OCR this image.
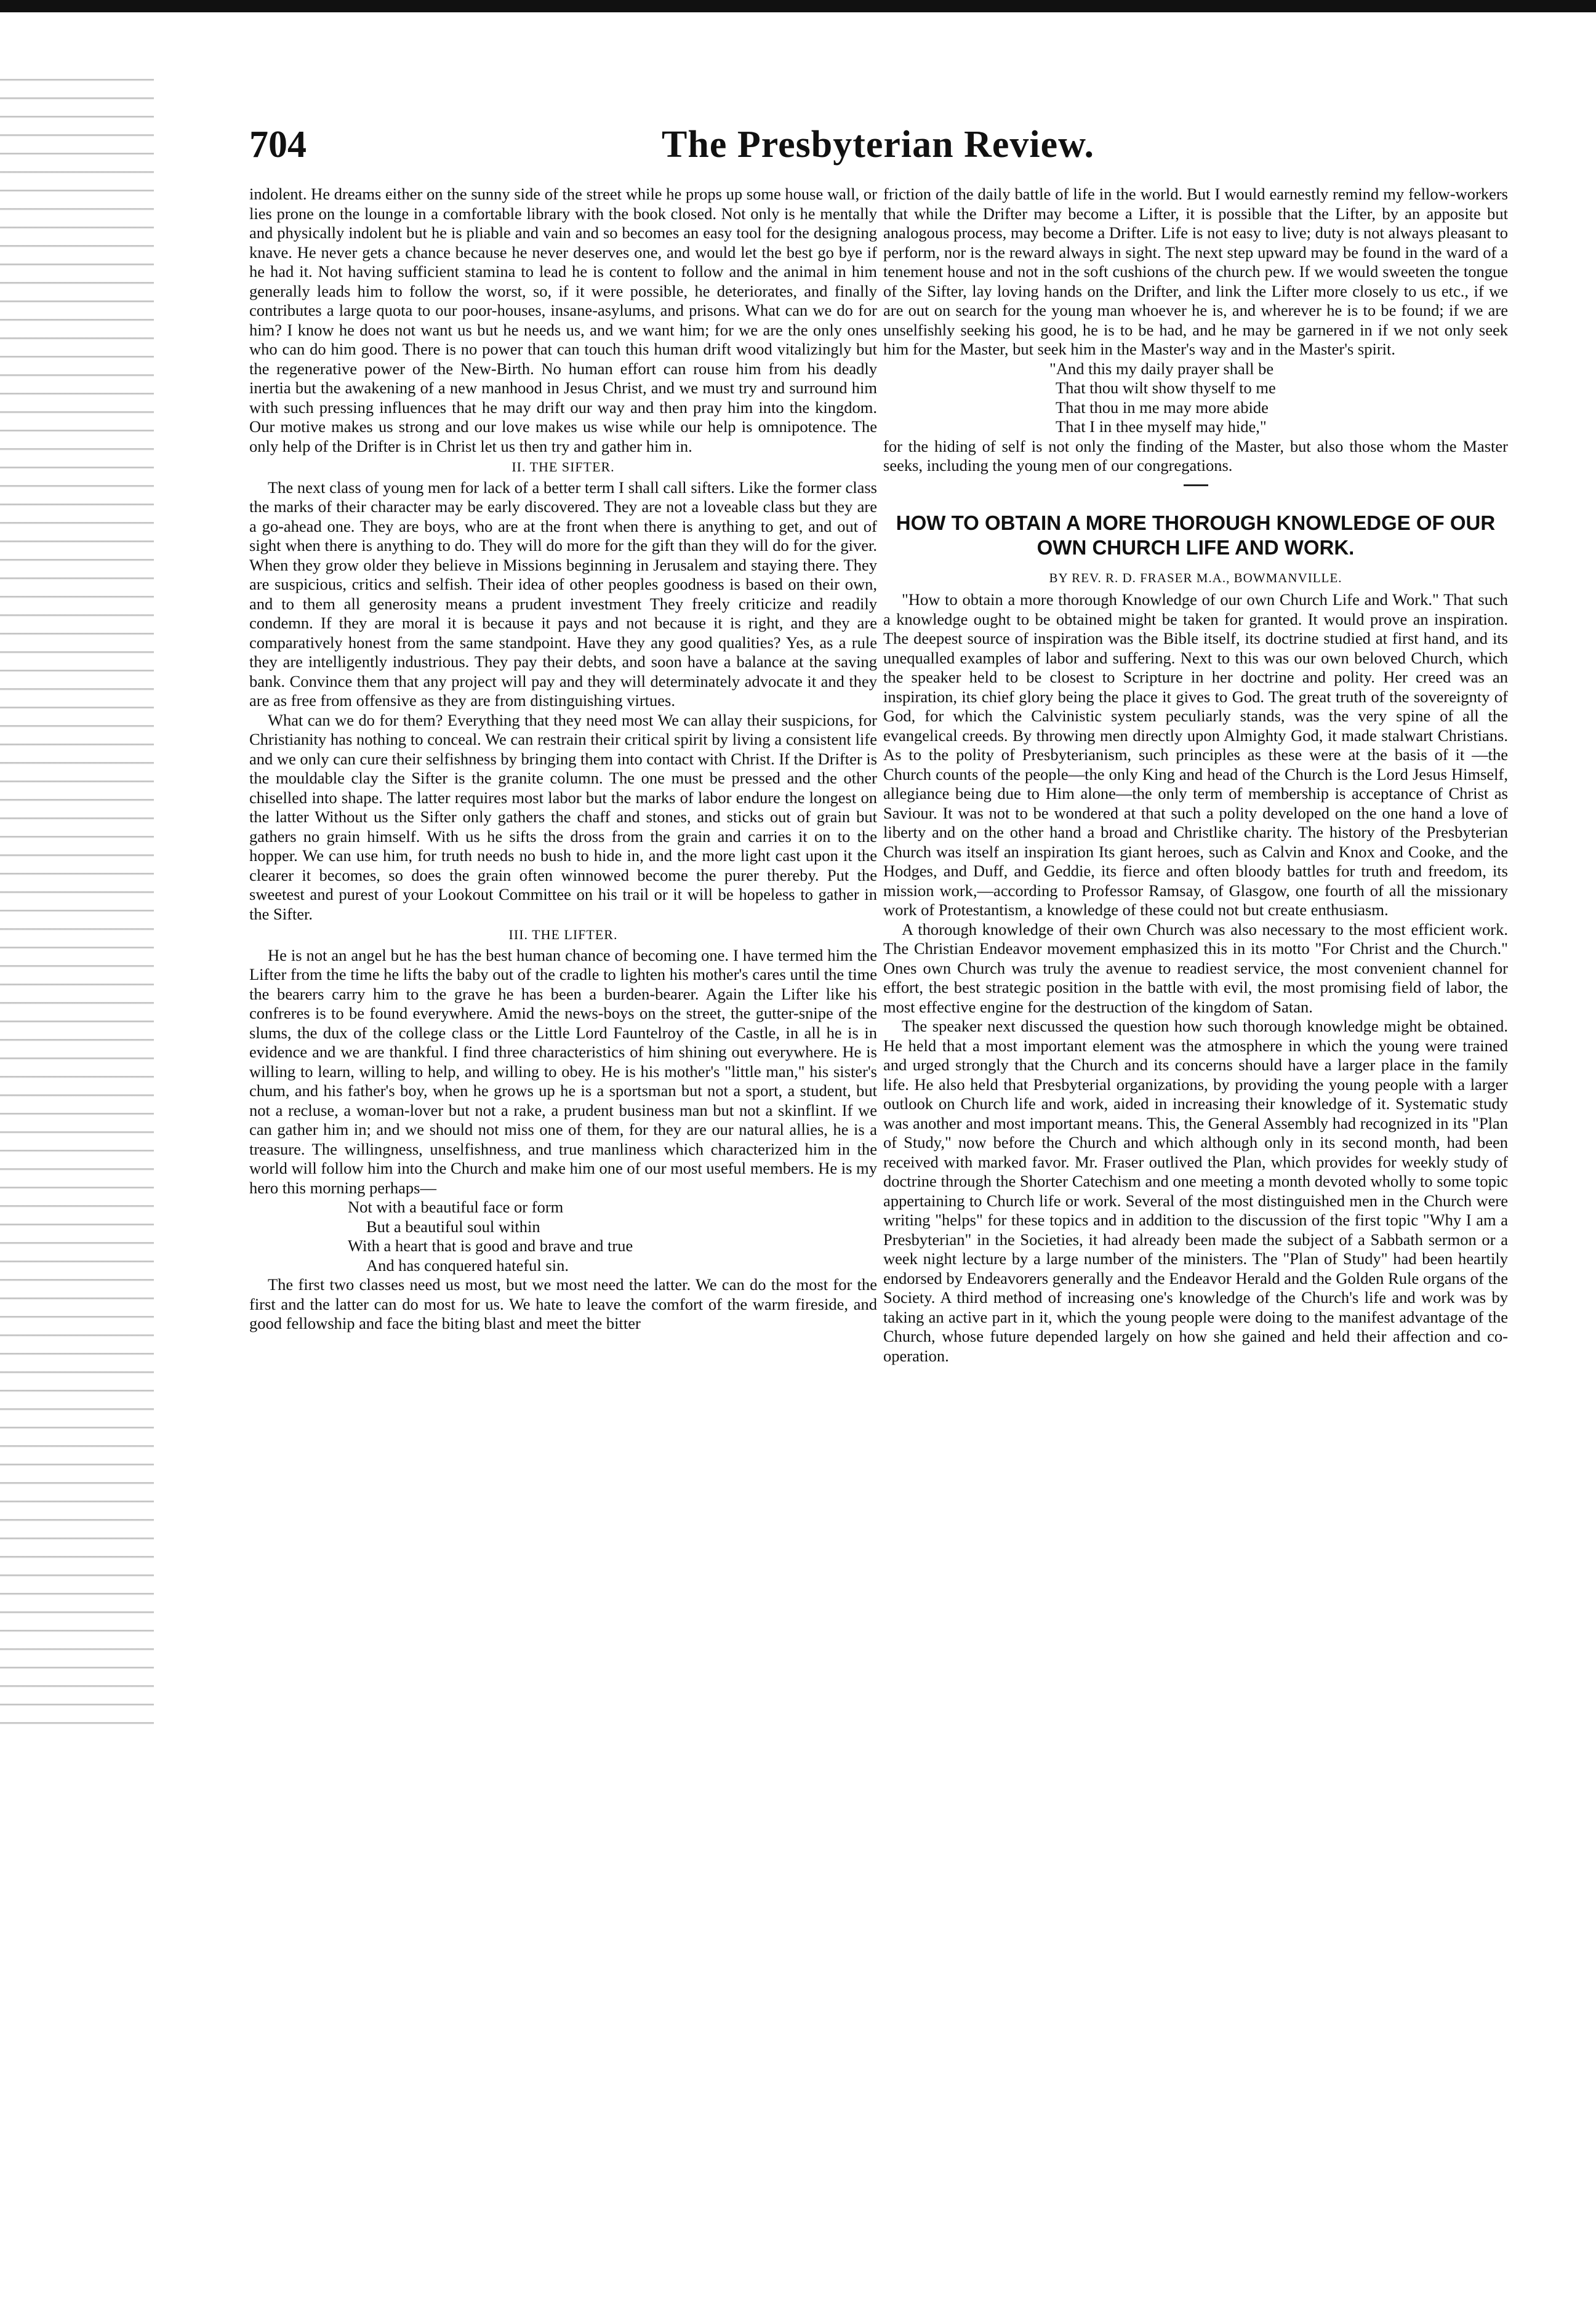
704	The Presbyterian Review.

indolent. He dreams either on the sunny side of the street while he props up some house wall, or lies prone on the lounge in a comfortable library with the book closed. Not only is he mentally and physically indolent but he is pliable and vain and so becomes an easy tool for the designing knave. He never gets a chance because he never deserves one, and would let the best go bye if he had it. Not having sufficient stamina to lead he is content to follow and the animal in him generally leads him to follow the worst, so, if it were possible, he deteriorates, and finally contributes a large quota to our poor-houses, insane-asylums, and prisons. What can we do for him? I know he does not want us but he needs us, and we want him; for we are the only ones who can do him good. There is no power that can touch this human drift wood vitalizingly but the regenerative power of the New-Birth. No human effort can rouse him from his deadly inertia but the awakening of a new manhood in Jesus Christ, and we must try and surround him with such pressing influences that he may drift our way and then pray him into the kingdom. Our motive makes us strong and our love makes us wise while our help is omnipotence. The only help of the Drifter is in Christ let us then try and gather him in.

II. THE SIFTER.

The next class of young men for lack of a better term I shall call sifters. Like the former class the marks of their character may be early discovered. They are not a loveable class but they are a go-ahead one. They are boys, who are at the front when there is anything to get, and out of sight when there is anything to do. They will do more for the gift than they will do for the giver. When they grow older they believe in Missions beginning in Jerusalem and staying there. They are suspicious, critics and selfish. Their idea of other peoples goodness is based on their own, and to them all generosity means a prudent investment They freely criticize and readily condemn. If they are moral it is because it pays and not because it is right, and they are comparatively honest from the same standpoint. Have they any good qualities? Yes, as a rule they are intelligently industrious. They pay their debts, and soon have a balance at the saving bank. Convince them that any project will pay and they will determinately advocate it and they are as free from offensive as they are from distinguishing virtues.

What can we do for them? Everything that they need most We can allay their suspicions, for Christianity has nothing to conceal. We can restrain their critical spirit by living a consistent life and we only can cure their selfishness by bringing them into contact with Christ. If the Drifter is the mouldable clay the Sifter is the granite column. The one must be pressed and the other chiselled into shape. The latter requires most labor but the marks of labor endure the longest on the latter Without us the Sifter only gathers the chaff and stones, and sticks out of grain but gathers no grain himself. With us he sifts the dross from the grain and carries it on to the hopper. We can use him, for truth needs no bush to hide in, and the more light cast upon it the clearer it becomes, so does the grain often winnowed become the purer thereby. Put the sweetest and purest of your Lookout Committee on his trail or it will be hopeless to gather in the Sifter.

III. THE LIFTER.

He is not an angel but he has the best human chance of becoming one. I have termed him the Lifter from the time he lifts the baby out of the cradle to lighten his mother's cares until the time the bearers carry him to the grave he has been a burden-bearer. Again the Lifter like his confreres is to be found everywhere. Amid the news-boys on the street, the gutter-snipe of the slums, the dux of the college class or the Little Lord Fauntelroy of the Castle, in all he is in evidence and we are thankful. I find three characteristics of him shining out everywhere. He is willing to learn, willing to help, and willing to obey. He is his mother's "little man," his sister's chum, and his father's boy, when he grows up he is a sportsman but not a sport, a student, but not a recluse, a woman-lover but not a rake, a prudent business man but not a skinflint. If we can gather him in; and we should not miss one of them, for they are our natural allies, he is a treasure. The willingness, unselfishness, and true manliness which characterized him in the world will follow him into the Church and make him one of our most useful members. He is my hero this morning perhaps—

Not with a beautiful face or form

But a beautiful soul within

With a heart that is good and brave and true

And has conquered hateful sin.

The first two classes need us most, but we most need the latter. We can do the most for the first and the latter can do most for us. We hate to leave the comfort of the warm fireside, and good fellowship and face the biting blast and meet the bitter

friction of the daily battle of life in the world. But I would earnestly remind my fellow-workers that while the Drifter may become a Lifter, it is possible that the Lifter, by an apposite but analogous process, may become a Drifter. Life is not easy to live; duty is not always pleasant to perform, nor is the reward always in sight. The next step upward may be found in the ward of a tenement house and not in the soft cushions of the church pew. If we would sweeten the tongue of the Sifter, lay loving hands on the Drifter, and link the Lifter more closely to us etc., if we are out on search for the young man whoever he is, and wherever he is to be found; if we are unselfishly seeking his good, he is to be had, and he may be garnered in if we not only seek him for the Master, but seek him in the Master's way and in the Master's spirit.

"And this my daily prayer shall be

That thou wilt show thyself to me

That thou in me may more abide

That I in thee myself may hide,"

for the hiding of self is not only the finding of the Master, but also those whom the Master seeks, including the young men of our congregations.

HOW TO OBTAIN A MORE THOROUGH KNOWLEDGE OF OUR OWN CHURCH LIFE AND WORK.
BY REV. R. D. FRASER M.A., BOWMANVILLE.

"How to obtain a more thorough Knowledge of our own Church Life and Work." That such a knowledge ought to be obtained might be taken for granted. It would prove an inspiration. The deepest source of inspiration was the Bible itself, its doctrine studied at first hand, and its unequalled examples of labor and suffering. Next to this was our own beloved Church, which the speaker held to be closest to Scripture in her doctrine and polity. Her creed was an inspiration, its chief glory being the place it gives to God. The great truth of the sovereignty of God, for which the Calvinistic system peculiarly stands, was the very spine of all the evangelical creeds. By throwing men directly upon Almighty God, it made stalwart Christians. As to the polity of Presbyterianism, such principles as these were at the basis of it —the Church counts of the people—the only King and head of the Church is the Lord Jesus Himself, allegiance being due to Him alone—the only term of membership is acceptance of Christ as Saviour. It was not to be wondered at that such a polity developed on the one hand a love of liberty and on the other hand a broad and Christlike charity. The history of the Presbyterian Church was itself an inspiration Its giant heroes, such as Calvin and Knox and Cooke, and the Hodges, and Duff, and Geddie, its fierce and often bloody battles for truth and freedom, its mission work,—according to Professor Ramsay, of Glasgow, one fourth of all the missionary work of Protestantism, a knowledge of these could not but create enthusiasm.

A thorough knowledge of their own Church was also necessary to the most efficient work. The Christian Endeavor movement emphasized this in its motto "For Christ and the Church." Ones own Church was truly the avenue to readiest service, the most convenient channel for effort, the best strategic position in the battle with evil, the most promising field of labor, the most effective engine for the destruction of the kingdom of Satan.

The speaker next discussed the question how such thorough knowledge might be obtained. He held that a most important element was the atmosphere in which the young were trained and urged strongly that the Church and its concerns should have a larger place in the family life. He also held that Presbyterial organizations, by providing the young people with a larger outlook on Church life and work, aided in increasing their knowledge of it. Systematic study was another and most important means. This, the General Assembly had recognized in its "Plan of Study," now before the Church and which although only in its second month, had been received with marked favor. Mr. Fraser outlived the Plan, which provides for weekly study of doctrine through the Shorter Catechism and one meeting a month devoted wholly to some topic appertaining to Church life or work. Several of the most distinguished men in the Church were writing "helps" for these topics and in addition to the discussion of the first topic "Why I am a Presbyterian" in the Societies, it had already been made the subject of a Sabbath sermon or a week night lecture by a large number of the ministers. The "Plan of Study" had been heartily endorsed by Endeavorers generally and the Endeavor Herald and the Golden Rule organs of the Society. A third method of increasing one's knowledge of the Church's life and work was by taking an active part in it, which the young people were doing to the manifest advantage of the Church, whose future depended largely on how she gained and held their affection and co-operation.
